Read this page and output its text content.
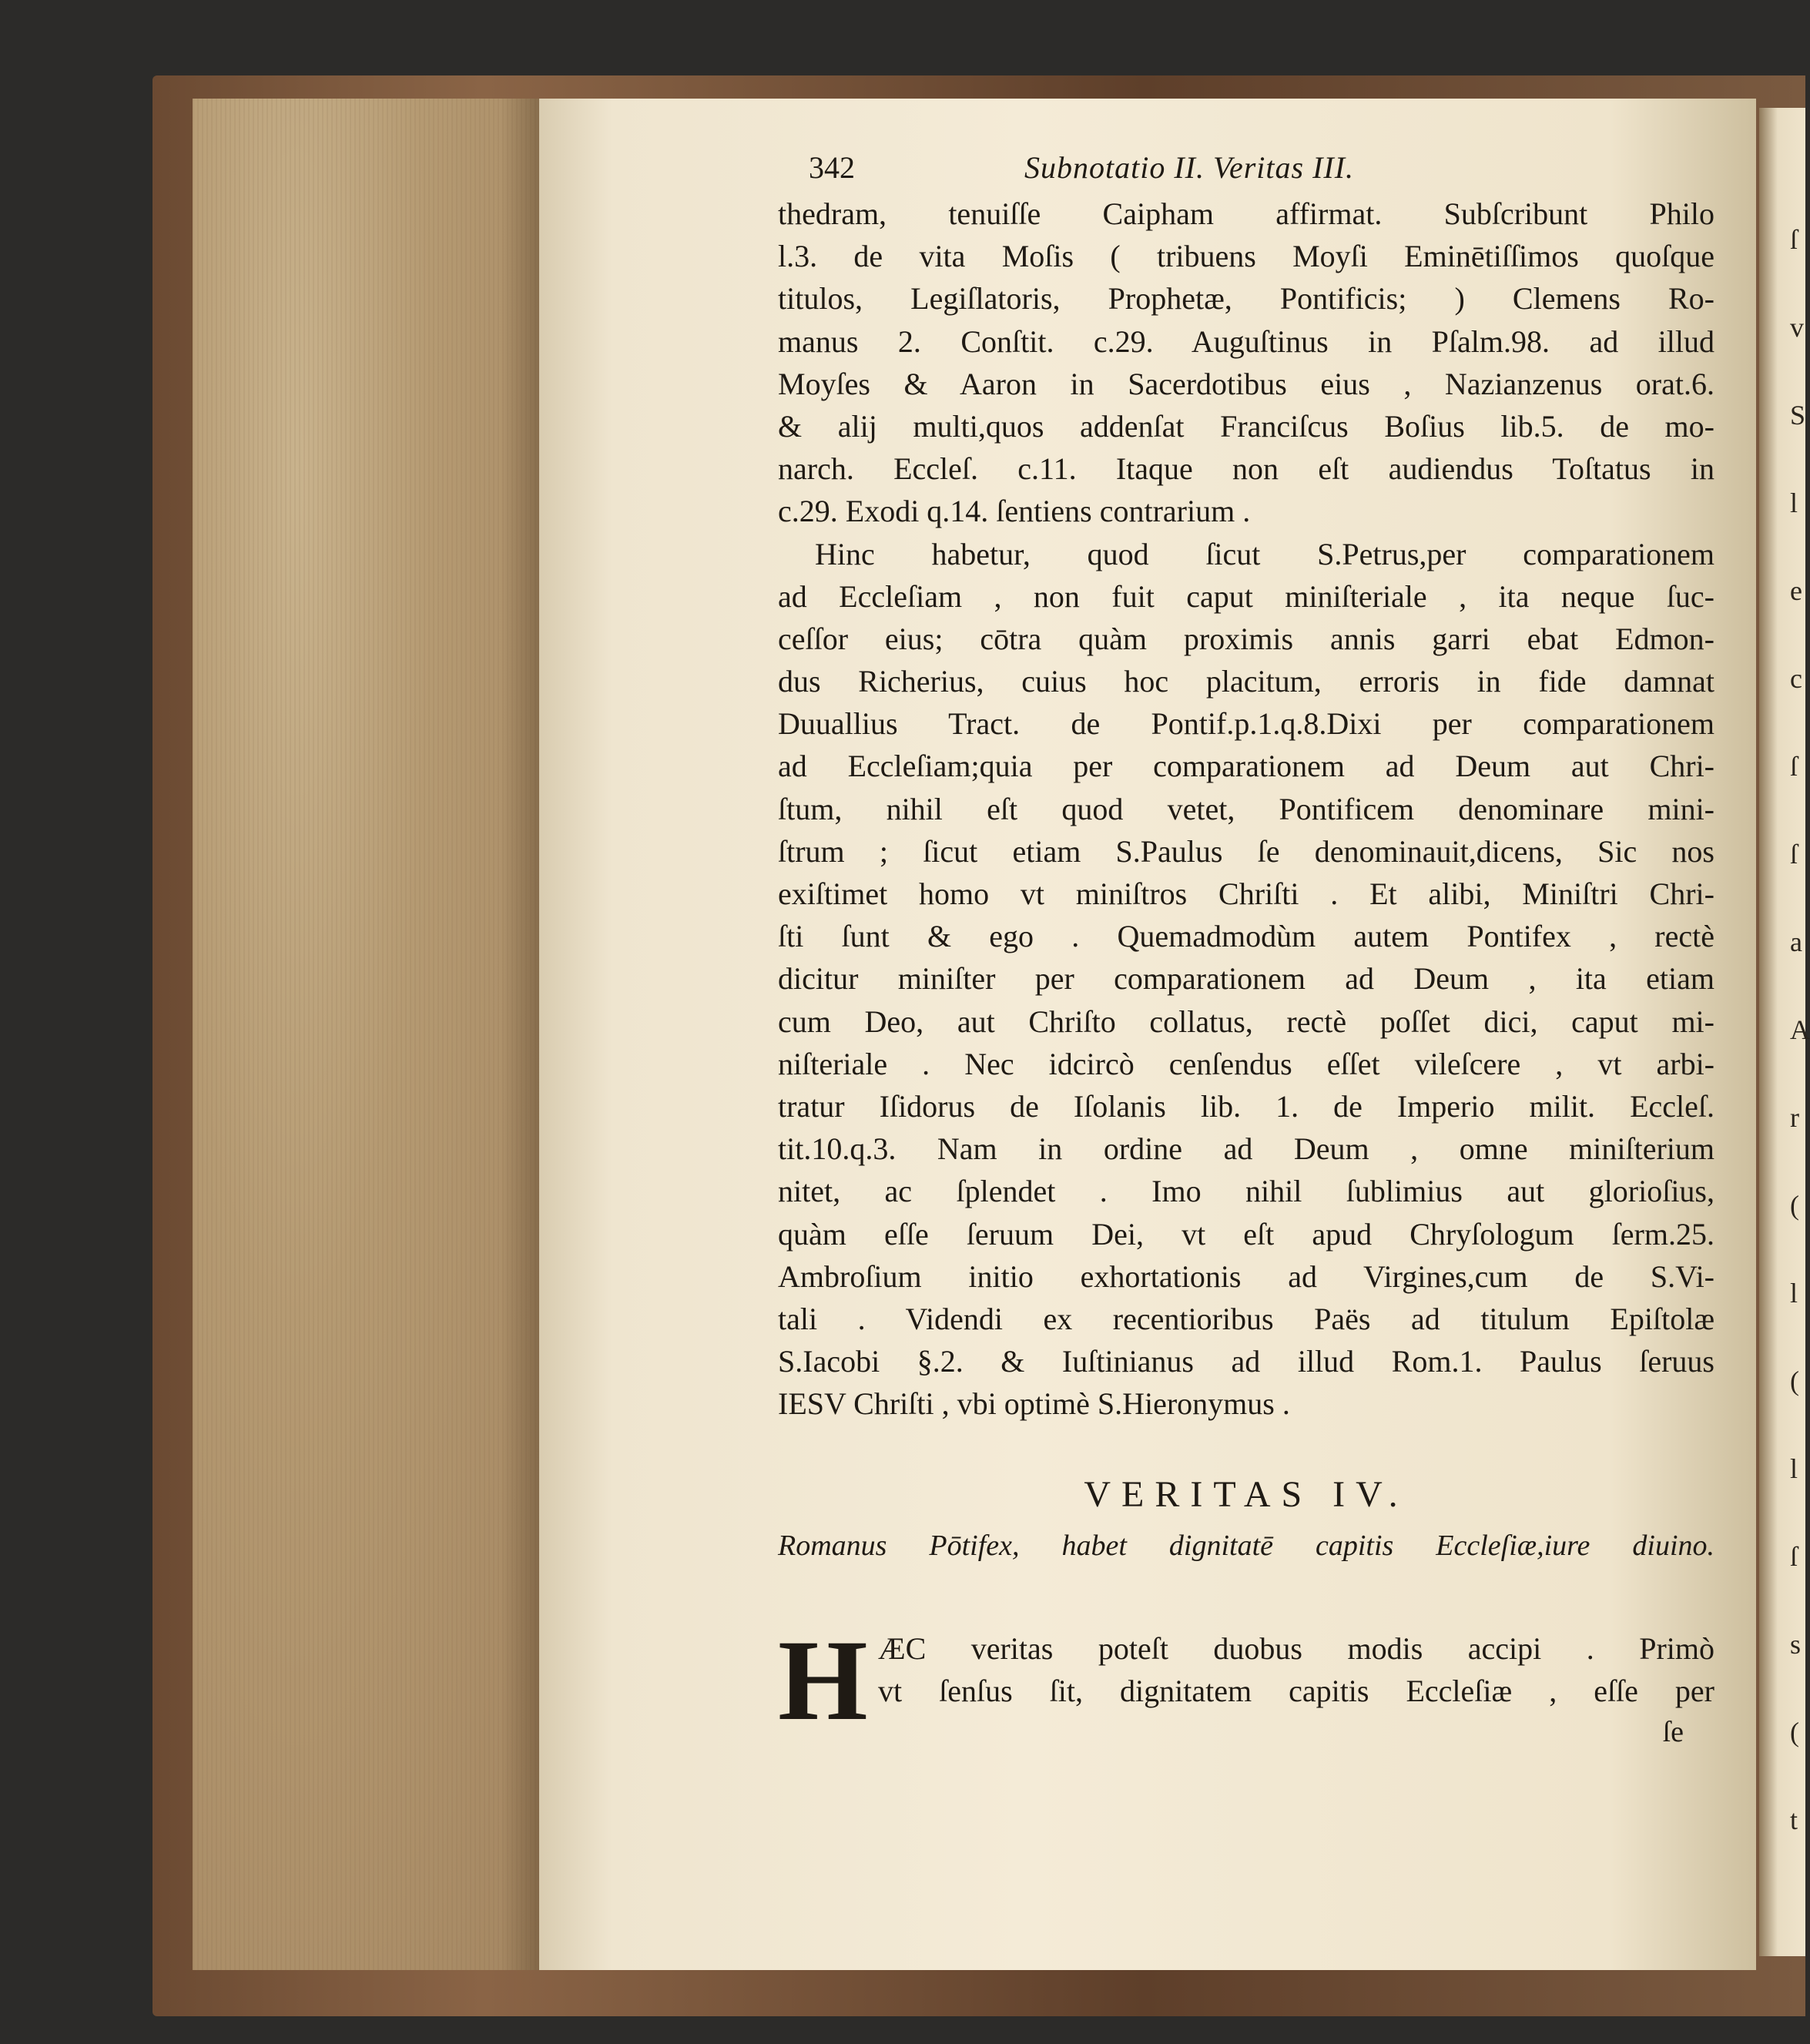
ſ
v
S
l
e
c
ſ
ſ
a
A
r
(
l
(
l
ſ
s
(
t
342	Subnotatio II. Veritas III.
thedram, tenuiſſe Caipham affirmat. Subſcribunt Philo
l.3. de vita Moſis ( tribuens Moyſi Eminētiſſimos quoſque
titulos, Legiſlatoris, Prophetæ, Pontificis; ) Clemens Ro-
manus 2. Conſtit. c.29. Auguſtinus in Pſalm.98. ad illud
Moyſes & Aaron in Sacerdotibus eius , Nazianzenus orat.6.
& alij multi,quos addenſat Franciſcus Boſius lib.5. de mo-
narch. Eccleſ. c.11. Itaque non eſt audiendus Toſtatus in
c.29. Exodi q.14. ſentiens contrarium .
Hinc habetur, quod ſicut S.Petrus,per comparationem
ad Eccleſiam , non fuit caput miniſteriale , ita neque ſuc-
ceſſor eius; cōtra quàm proximis annis garri ebat Edmon-
dus Richerius, cuius hoc placitum, erroris in fide damnat
Duuallius Tract. de Pontif.p.1.q.8.Dixi per comparationem
ad Eccleſiam;quia per comparationem ad Deum aut Chri-
ſtum, nihil eſt quod vetet, Pontificem denominare mini-
ſtrum ; ſicut etiam S.Paulus ſe denominauit,dicens, Sic nos
exiſtimet homo vt miniſtros Chriſti . Et alibi, Miniſtri Chri-
ſti ſunt & ego . Quemadmodùm autem Pontifex , rectè
dicitur miniſter per comparationem ad Deum , ita etiam
cum Deo, aut Chriſto collatus, rectè poſſet dici, caput mi-
niſteriale . Nec idcircò cenſendus eſſet vileſcere , vt arbi-
tratur Iſidorus de Iſolanis lib. 1. de Imperio milit. Eccleſ.
tit.10.q.3. Nam in ordine ad Deum , omne miniſterium
nitet, ac ſplendet . Imo nihil ſublimius aut glorioſius,
quàm eſſe ſeruum Dei, vt eſt apud Chryſologum ſerm.25.
Ambroſium initio exhortationis ad Virgines,cum de S.Vi-
tali . Videndi ex recentioribus Paës ad titulum Epiſtolæ
S.Iacobi §.2. & Iuſtinianus ad illud Rom.1. Paulus ſeruus
IESV Chriſti , vbi optimè S.Hieronymus .
VERITAS IV.
Romanus Pōtifex, habet dignitatē capitis Eccleſiæ,iure diuino.
H ÆC veritas poteſt duobus modis accipi . Primò
vt ſenſus ſit, dignitatem capitis Eccleſiæ , eſſe per
ſe
